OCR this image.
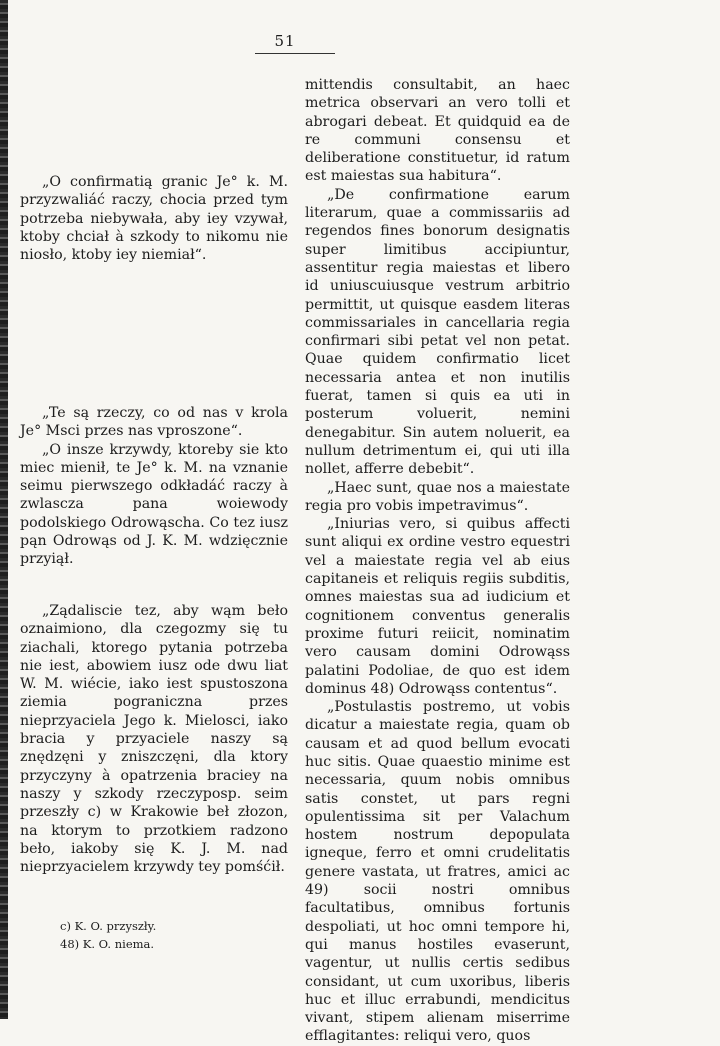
51

„O confirmatią granic Je° k. M. przyzwaliáć raczy, chocia przed tym potrzeba niebywała, aby iey vzywał, ktoby chciał à szkody to nikomu nie niosło, ktoby iey niemiał“.

„Te są rzeczy, co od nas v krola Je° Msci przes nas vproszone“.

„O insze krzywdy, ktoreby sie kto miec mienił, te Je° k. M. na vznanie seimu pierwszego odkładáć raczy à zwlascza pana woiewody podolskiego Odrowąscha. Co tez iusz pąn Odrowąs od J. K. M. wdzięcznie przyiął.

„Ządaliscie tez, aby wąm beło oznaimiono, dla czegozmy się tu ziachali, ktorego pytania potrzeba nie iest, abowiem iusz ode dwu liat W. M. wiécie, iako iest spustoszona ziemia pograniczna przes nieprzyaciela Jego k. Mielosci, iako bracia y przyaciele naszy są znędzęni y zniszczęni, dla ktory przyczyny à opatrzenia braciey na naszy y szkody rzeczyposp. seim przeszły c) w Krakowie beł złozon, na ktorym to przotkiem radzono beło, iakoby się K. J. M. nad nieprzyacielem krzywdy tey pomśćił.

mittendis consultabit, an haec metrica observari an vero tolli et abrogari debeat. Et quidquid ea de re communi consensu et deliberatione constituetur, id ratum est maiestas sua habitura“.

„De confirmatione earum literarum, quae a commissariis ad regendos fines bonorum designatis super limitibus accipiuntur, assentitur regia maiestas et libero id uniuscuiusque vestrum arbitrio permittit, ut quisque easdem literas commissariales in cancellaria regia confirmari sibi petat vel non petat. Quae quidem confirmatio licet necessaria antea et non inutilis fuerat, tamen si quis ea uti in posterum voluerit, nemini denegabitur. Sin autem noluerit, ea nullum detrimentum ei, qui uti illa nollet, afferre debebit“.

„Haec sunt, quae nos a maiestate regia pro vobis impetravimus“.

„Iniurias vero, si quibus affecti sunt aliqui ex ordine vestro equestri vel a maiestate regia vel ab eius capitaneis et reliquis regiis subditis, omnes maiestas sua ad iudicium et cognitionem conventus generalis proxime futuri reiicit, nominatim vero causam domini Odrowąss palatini Podoliae, de quo est idem dominus 48) Odrowąss contentus“.

„Postulastis postremo, ut vobis dicatur a maiestate regia, quam ob causam et ad quod bellum evocati huc sitis. Quae quaestio minime est necessaria, quum nobis omnibus satis constet, ut pars regni opulentissima sit per Valachum hostem nostrum depopulata igneque, ferro et omni crudelitatis genere vastata, ut fratres, amici ac 49) socii nostri omnibus facultatibus, omnibus fortunis despoliati, ut hoc omni tempore hi, qui manus hostiles evaserunt, vagentur, ut nullis certis sedibus considant, ut cum uxoribus, liberis huc et illuc errabundi, mendicitus vivant, stipem alienam miserrime efflagitantes: reliqui vero, quos

c) K. O. przyszły.
48) K. O. niema.
